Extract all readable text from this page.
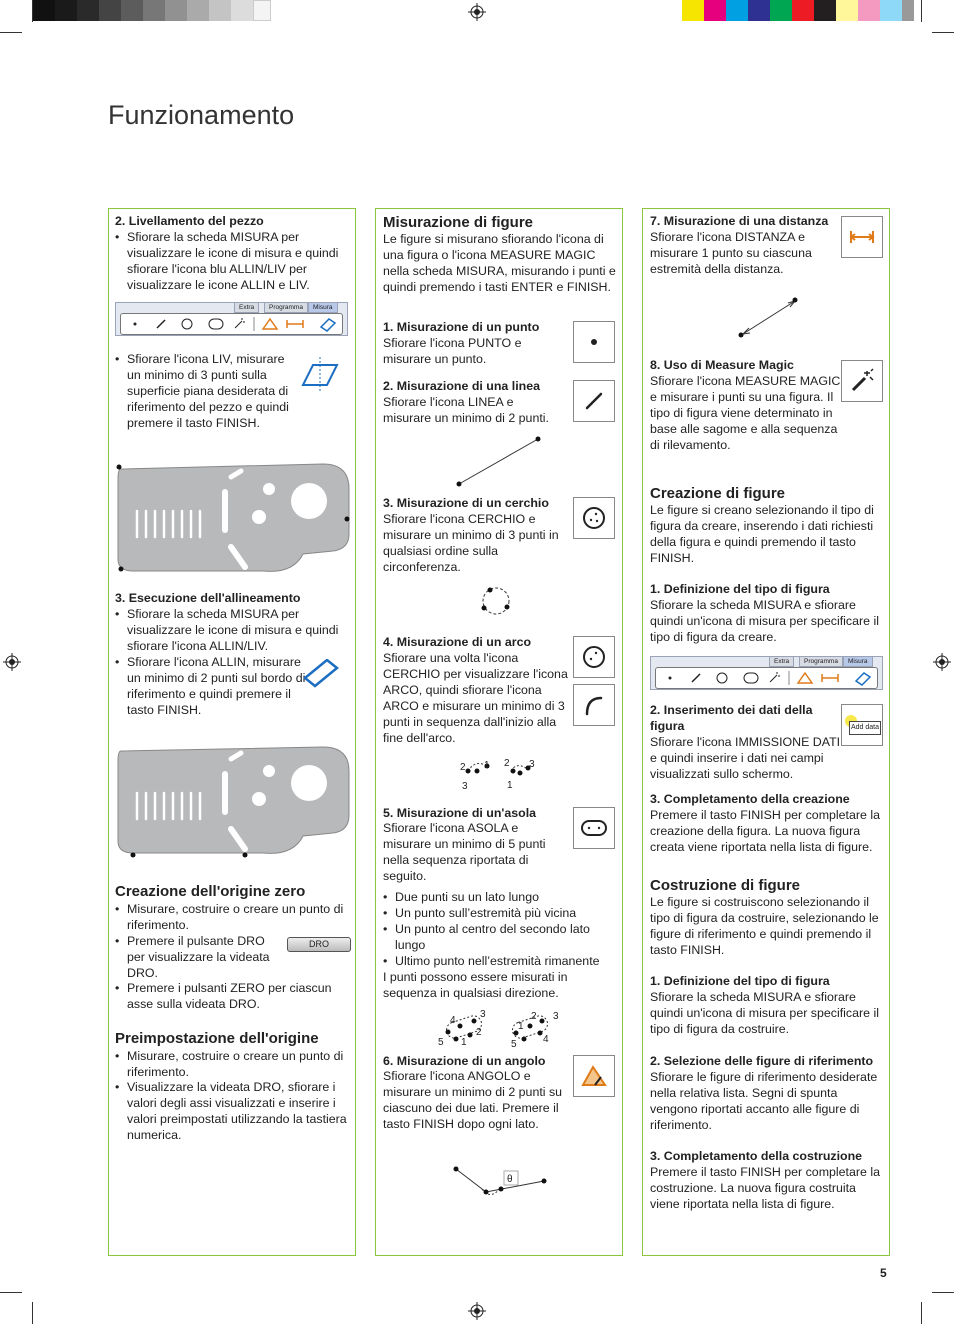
Funzionamento

2. Livellamento del pezzo

• Sfiorare la scheda MISURA per visualizzare le icone di misura e quindi sfiorare l'icona blu ALLIN/LIV per visualizzare le icone ALLIN e LIV.

Extra	Programma	Misura

• Sfiorare l'icona LIV, misurare un minimo di 3 punti sulla superficie piana desiderata di riferimento del pezzo e quindi premere il tasto FINISH.

3. Esecuzione dell'allineamento

• Sfiorare la scheda MISURA per visualizzare le icone di misura e quindi sfiorare l'icona ALLIN/LIV.

• Sfiorare l'icona ALLIN, misurare un minimo di 2 punti sul bordo di riferimento e quindi premere il tasto FINISH.

Creazione dell'origine zero

• Misurare, costruire o creare un punto di riferimento.

• Premere il pulsante DRO per visualizzare la videata DRO.

DRO

• Premere i pulsanti ZERO per ciascun asse sulla videata DRO.

Preimpostazione dell'origine

• Misurare, costruire o creare un punto di riferimento.

• Visualizzare la videata DRO, sfiorare i valori degli assi visualizzati e inserire i valori preimpostati utilizzando la tastiera numerica.

Misurazione di figure

Le figure si misurano sfiorando l'icona di una figura o l'icona MEASURE MAGIC nella scheda MISURA, misurando i punti e quindi premendo i tasti ENTER e FINISH.

1. Misurazione di un punto

Sfiorare l'icona PUNTO e misurare un punto.

2. Misurazione di una linea

Sfiorare l'icona LINEA e misurare un minimo di 2 punti.

3. Misurazione di un cerchio

Sfiorare l'icona CERCHIO e misurare un minimo di 3 punti in qualsiasi ordine sulla circonferenza.

4. Misurazione di un arco

Sfiorare una volta l'icona CERCHIO per visualizzare l'icona ARCO, quindi sfiorare l'icona ARCO e misurare un minimo di 3 punti in sequenza dall'inizio alla fine dell'arco.

2 1
3
2 3
1

5. Misurazione di un'asola

Sfiorare l'icona ASOLA e misurare un minimo di 5 punti nella sequenza riportata di seguito.

• Due punti su un lato lungo

• Un punto sull’estremità più vicina

• Un punto al centro del secondo lato lungo

• Ultimo punto nell’estremità rimanente

I punti possono essere misurati in sequenza in qualsiasi direzione.

4
3
2
5 1
2 3
1
4
5

6. Misurazione di un angolo

Sfiorare l'icona ANGOLO e misurare un minimo di 2 punti su ciascuno dei due lati. Premere il tasto FINISH dopo ogni lato.

θ

7. Misurazione di una distanza

Sfiorare l'icona DISTANZA e misurare 1 punto su ciascuna estremità della distanza.

8. Uso di Measure Magic

Sfiorare l'icona MEASURE MAGIC e misurare i punti su una figura. Il tipo di figura viene determinato in base alle sagome e alla sequenza di rilevamento.

Creazione di figure

Le figure si creano selezionando il tipo di figura da creare, inserendo i dati richiesti della figura e quindi premendo il tasto FINISH.

1. Definizione del tipo di figura

Sfiorare la scheda MISURA e sfiorare quindi un'icona di misura per specificare il tipo di figura da creare.

Extra	Programma	Misura

2. Inserimento dei dati della figura

Sfiorare l'icona IMMISSIONE DATI e quindi inserire i dati nei campi visualizzati sullo schermo.

Add data

3. Completamento della creazione

Premere il tasto FINISH per completare la creazione della figura. La nuova figura creata viene riportata nella lista di figure.

Costruzione di figure

Le figure si costruiscono selezionando il tipo di figura da costruire, selezionando le figure di riferimento e quindi premendo il tasto FINISH.

1. Definizione del tipo di figura

Sfiorare la scheda MISURA e sfiorare quindi un'icona di misura per specificare il tipo di figura da costruire.

2. Selezione delle figure di riferimento

Sfiorare le figure di riferimento desiderate nella relativa lista. Segni di spunta vengono riportati accanto alle figure di riferimento.

3. Completamento della costruzione

Premere il tasto FINISH per completare la costruzione. La nuova figura costruita viene riportata nella lista di figure.

5
